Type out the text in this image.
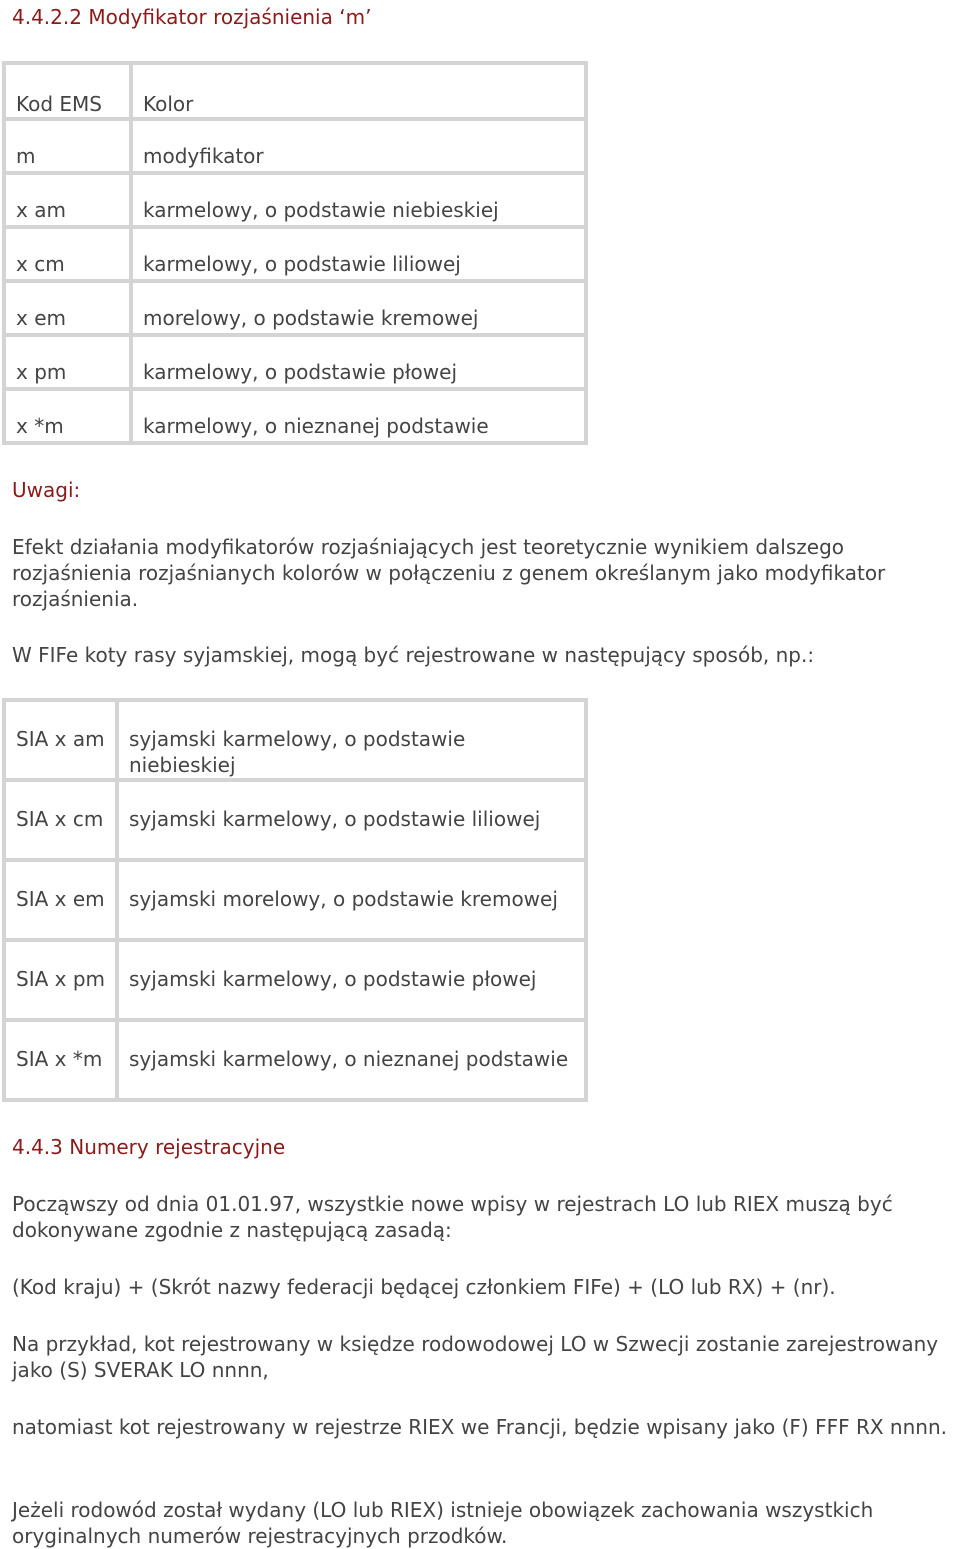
4.4.2.2 Modyfikator rozjaśnienia ‘m’
Kod EMS	Kolor
m	modyfikator
x am	karmelowy, o podstawie niebieskiej
x cm	karmelowy, o podstawie liliowej
x em	morelowy, o podstawie kremowej
x pm	karmelowy, o podstawie płowej
x *m	karmelowy, o nieznanej podstawie
Uwagi:
Efekt działania modyfikatorów rozjaśniających jest teoretycznie wynikiem dalszego rozjaśnienia rozjaśnianych kolorów w połączeniu z genem określanym jako modyfikator rozjaśnienia.
W FIFe koty rasy syjamskiej, mogą być rejestrowane w następujący sposób, np.:
SIA x am	syjamski karmelowy, o podstawie niebieskiej
SIA x cm	syjamski karmelowy, o podstawie liliowej
SIA x em	syjamski morelowy, o podstawie kremowej
SIA x pm	syjamski karmelowy, o podstawie płowej
SIA x *m	syjamski karmelowy, o nieznanej podstawie
4.4.3 Numery rejestracyjne
Począwszy od dnia 01.01.97, wszystkie nowe wpisy w rejestrach LO lub RIEX muszą być dokonywane zgodnie z następującą zasadą:
(Kod kraju) + (Skrót nazwy federacji będącej członkiem FIFe) + (LO lub RX) + (nr).
Na przykład, kot rejestrowany w księdze rodowodowej LO w Szwecji zostanie zarejestrowany jako (S) SVERAK LO nnnn,
natomiast kot rejestrowany w rejestrze RIEX we Francji, będzie wpisany jako (F) FFF RX nnnn.
Jeżeli rodowód został wydany (LO lub RIEX) istnieje obowiązek zachowania wszystkich oryginalnych numerów rejestracyjnych przodków.
